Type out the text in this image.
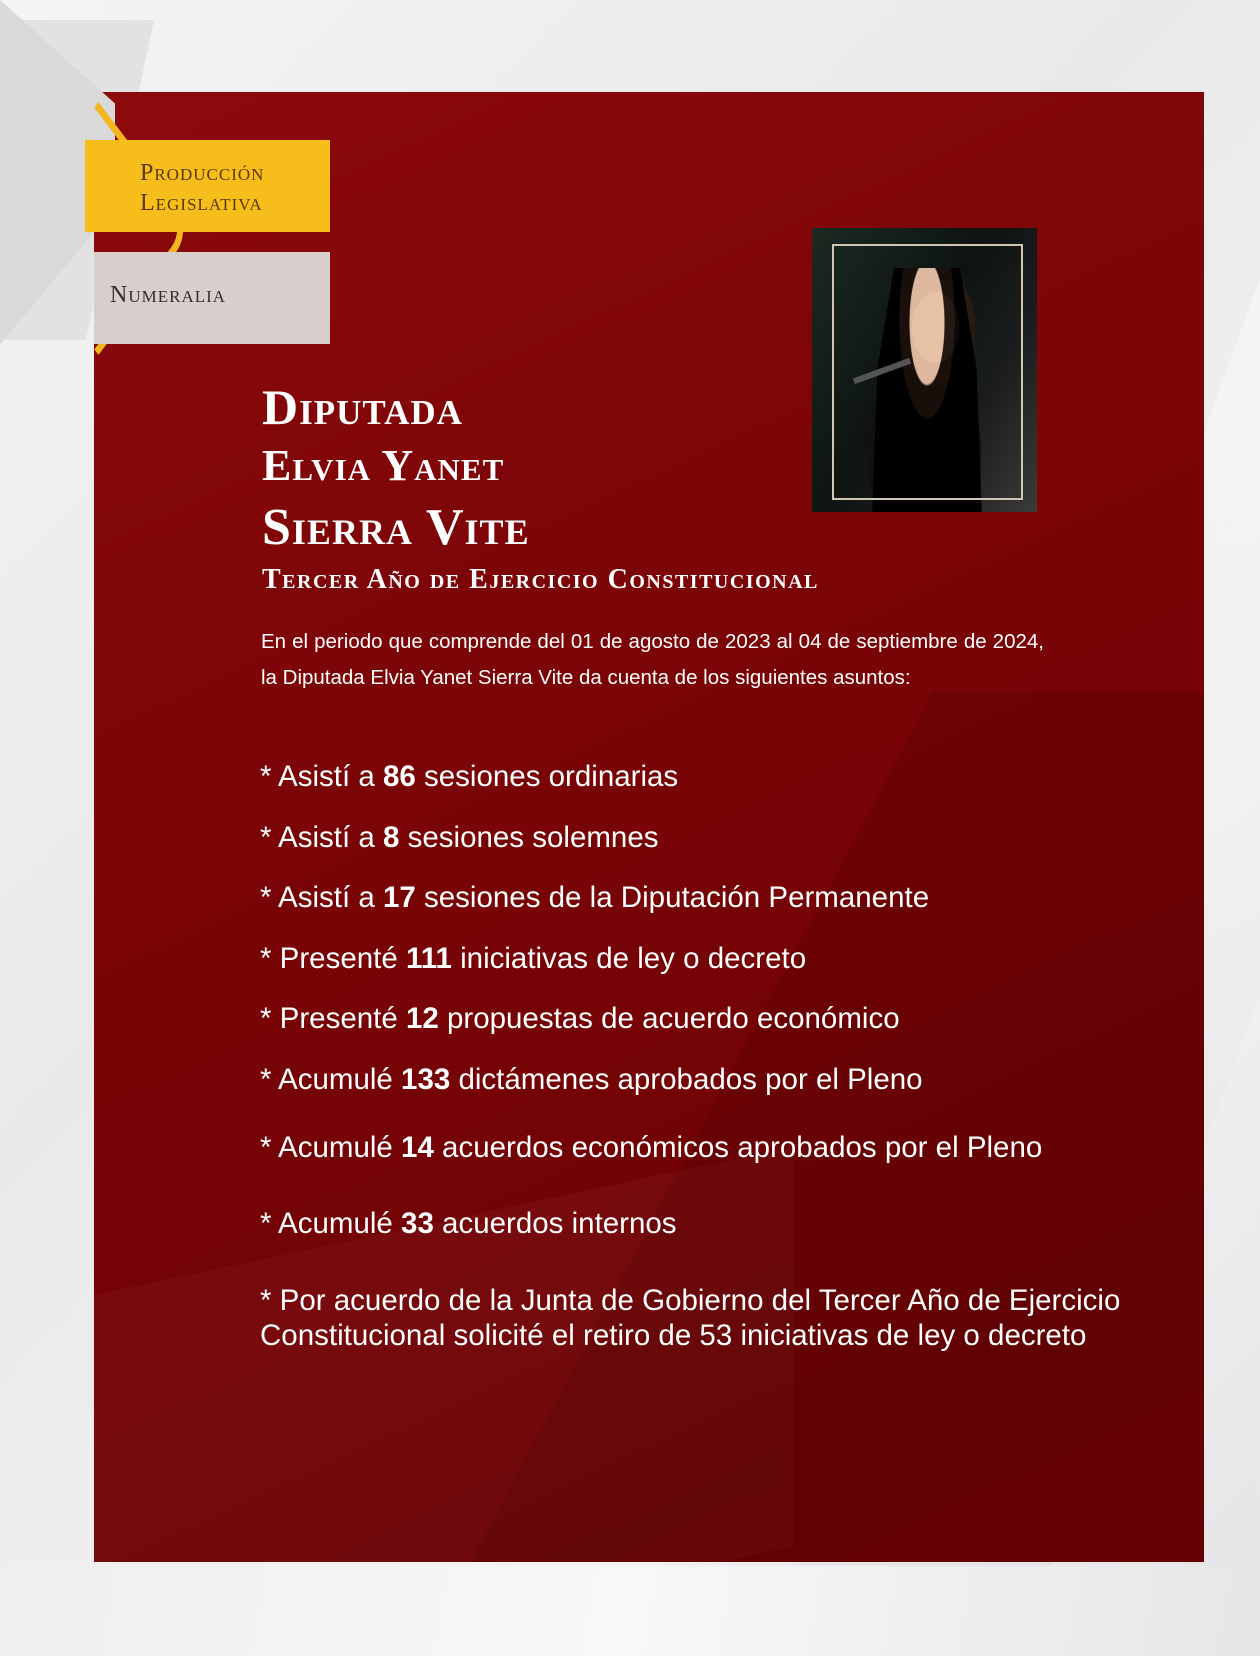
Producción
Legislativa
Numeralia
Diputada
Elvia Yanet
Sierra Vite
Tercer Año de Ejercicio Constitucional

En el periodo que comprende del 01 de agosto de 2023 al 04 de septiembre de 2024, la Diputada Elvia Yanet Sierra Vite da cuenta de los siguientes asuntos:

* Asistí a 86 sesiones ordinarias
* Asistí a 8 sesiones solemnes
* Asistí a 17 sesiones de la Diputación Permanente
* Presenté 111 iniciativas de ley o decreto
* Presenté 12 propuestas de acuerdo económico
* Acumulé 133 dictámenes aprobados por el Pleno
* Acumulé 14 acuerdos económicos aprobados por el Pleno
* Acumulé 33 acuerdos internos
* Por acuerdo de la Junta de Gobierno del Tercer Año de Ejercicio Constitucional solicité el retiro de 53 iniciativas de ley o decreto
